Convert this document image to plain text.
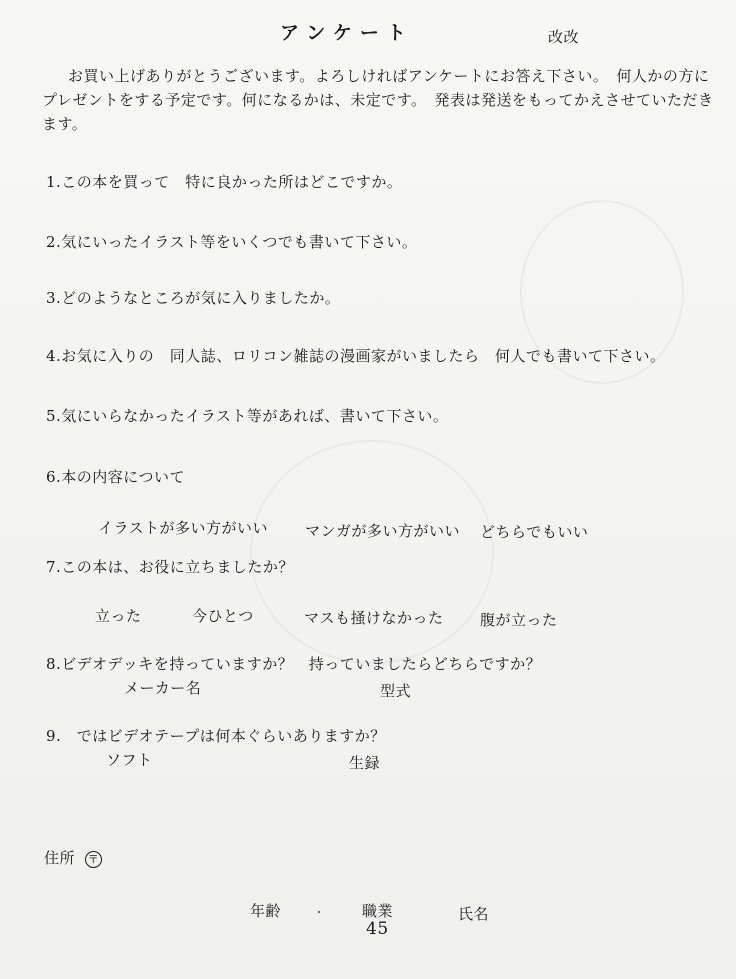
アンケート	改改
お買い上げありがとうございます。よろしければアンケートにお答え下さい。　何人かの方にプレゼントをする予定です。何になるかは、未定です。　発表は発送をもってかえさせていただきます。
1.この本を買って　特に良かった所はどこですか。
2.気にいったイラスト等をいくつでも書いて下さい。
3.どのようなところが気に入りましたか。
4.お気に入りの　同人誌、ロリコン雑誌の漫画家がいましたら　何人でも書いて下さい。
5.気にいらなかったイラスト等があれば、書いて下さい。
6.本の内容について
イラストが多い方がいい マンガが多い方がいい どちらでもいい
7.この本は、お役に立ちましたか？
立った	今ひとつ	マスも掻けなかった 腹が立った
8.ビデオデッキを持っていますか？　持っていましたらどちらですか？
メーカー名	型式
9.　ではビデオテープは何本ぐらいありますか？
ソフト	生録
住所 〒
年齢	職業	氏名
45
